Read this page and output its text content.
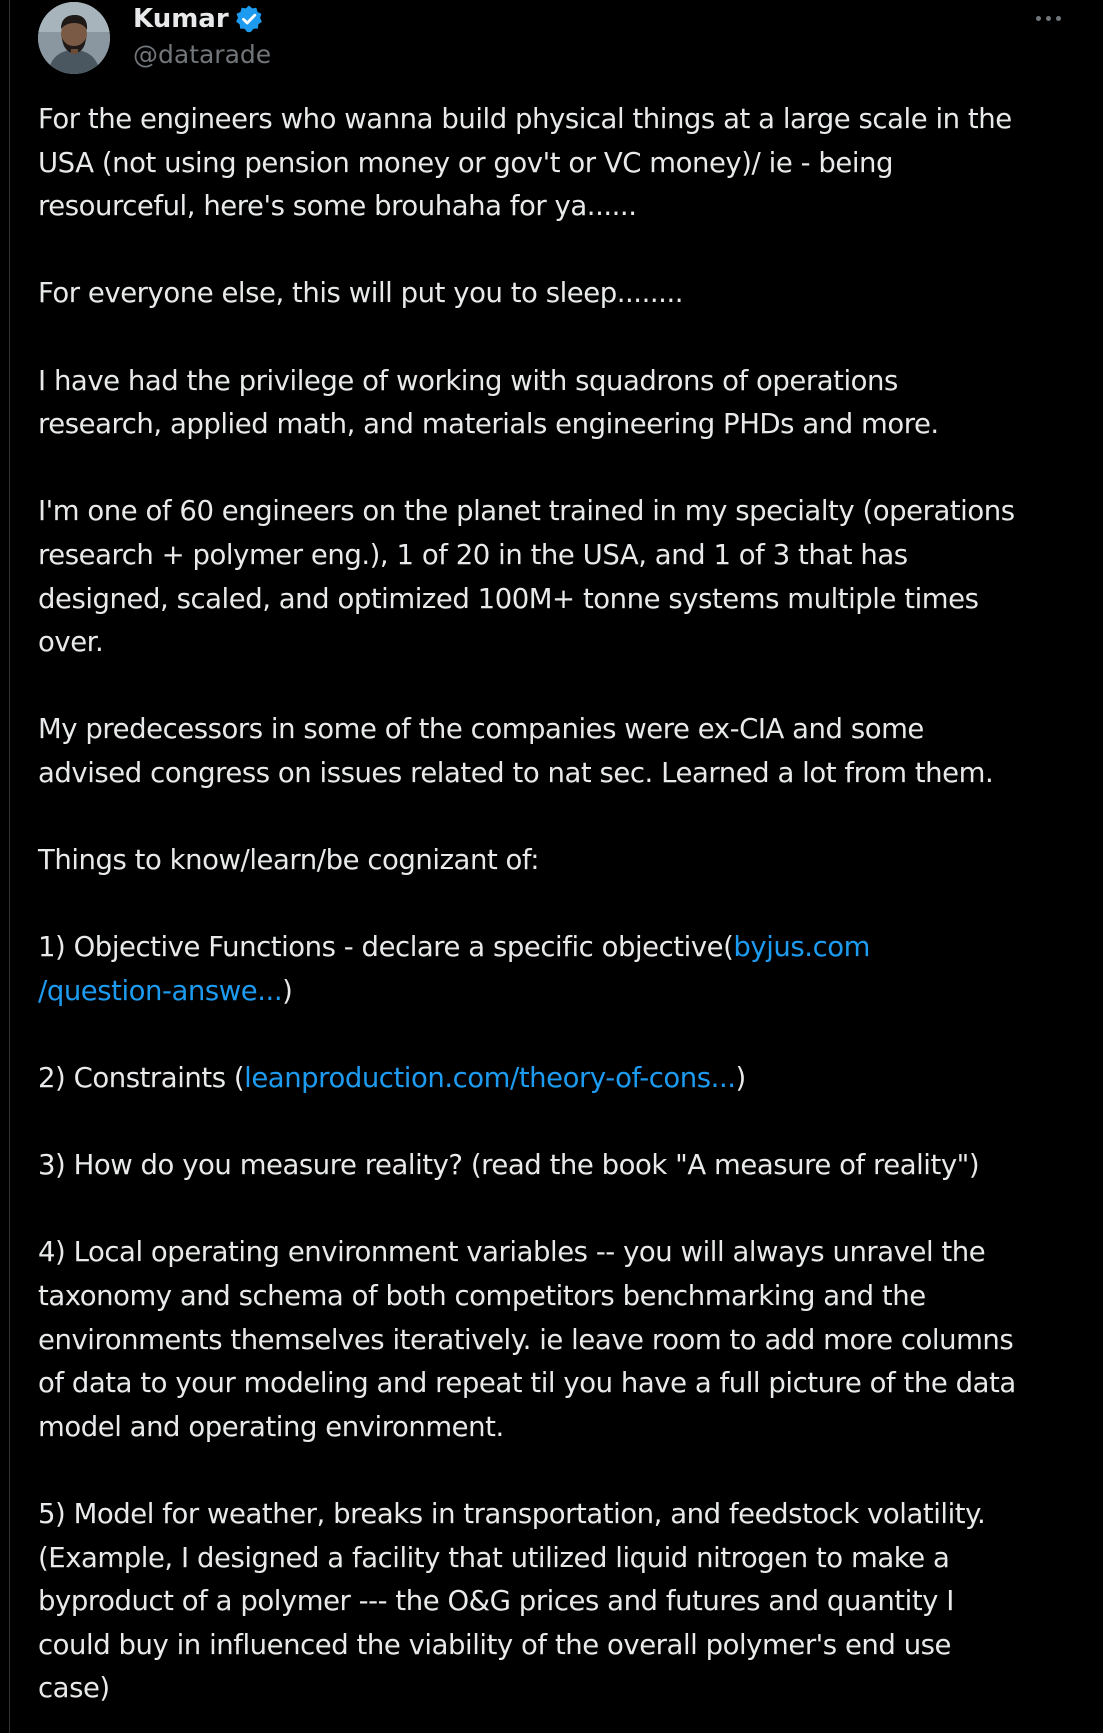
Kumar
@datarade

For the engineers who wanna build physical things at a large scale in the
USA (not using pension money or gov't or VC money)/ ie - being
resourceful, here's some brouhaha for ya......

For everyone else, this will put you to sleep........

I have had the privilege of working with squadrons of operations
research, applied math, and materials engineering PHDs and more.

I'm one of 60 engineers on the planet trained in my specialty (operations
research + polymer eng.), 1 of 20 in the USA, and 1 of 3 that has
designed, scaled, and optimized 100M+ tonne systems multiple times
over.

My predecessors in some of the companies were ex-CIA and some
advised congress on issues related to nat sec. Learned a lot from them.

Things to know/learn/be cognizant of:

1) Objective Functions - declare a specific objective(byjus.com
/question-answe...)

2) Constraints (leanproduction.com/theory-of-cons...)

3) How do you measure reality? (read the book "A measure of reality")

4) Local operating environment variables -- you will always unravel the
taxonomy and schema of both competitors benchmarking and the
environments themselves iteratively. ie leave room to add more columns
of data to your modeling and repeat til you have a full picture of the data
model and operating environment.

5) Model for weather, breaks in transportation, and feedstock volatility.
(Example, I designed a facility that utilized liquid nitrogen to make a
byproduct of a polymer --- the O&G prices and futures and quantity I
could buy in influenced the viability of the overall polymer's end use
case)
